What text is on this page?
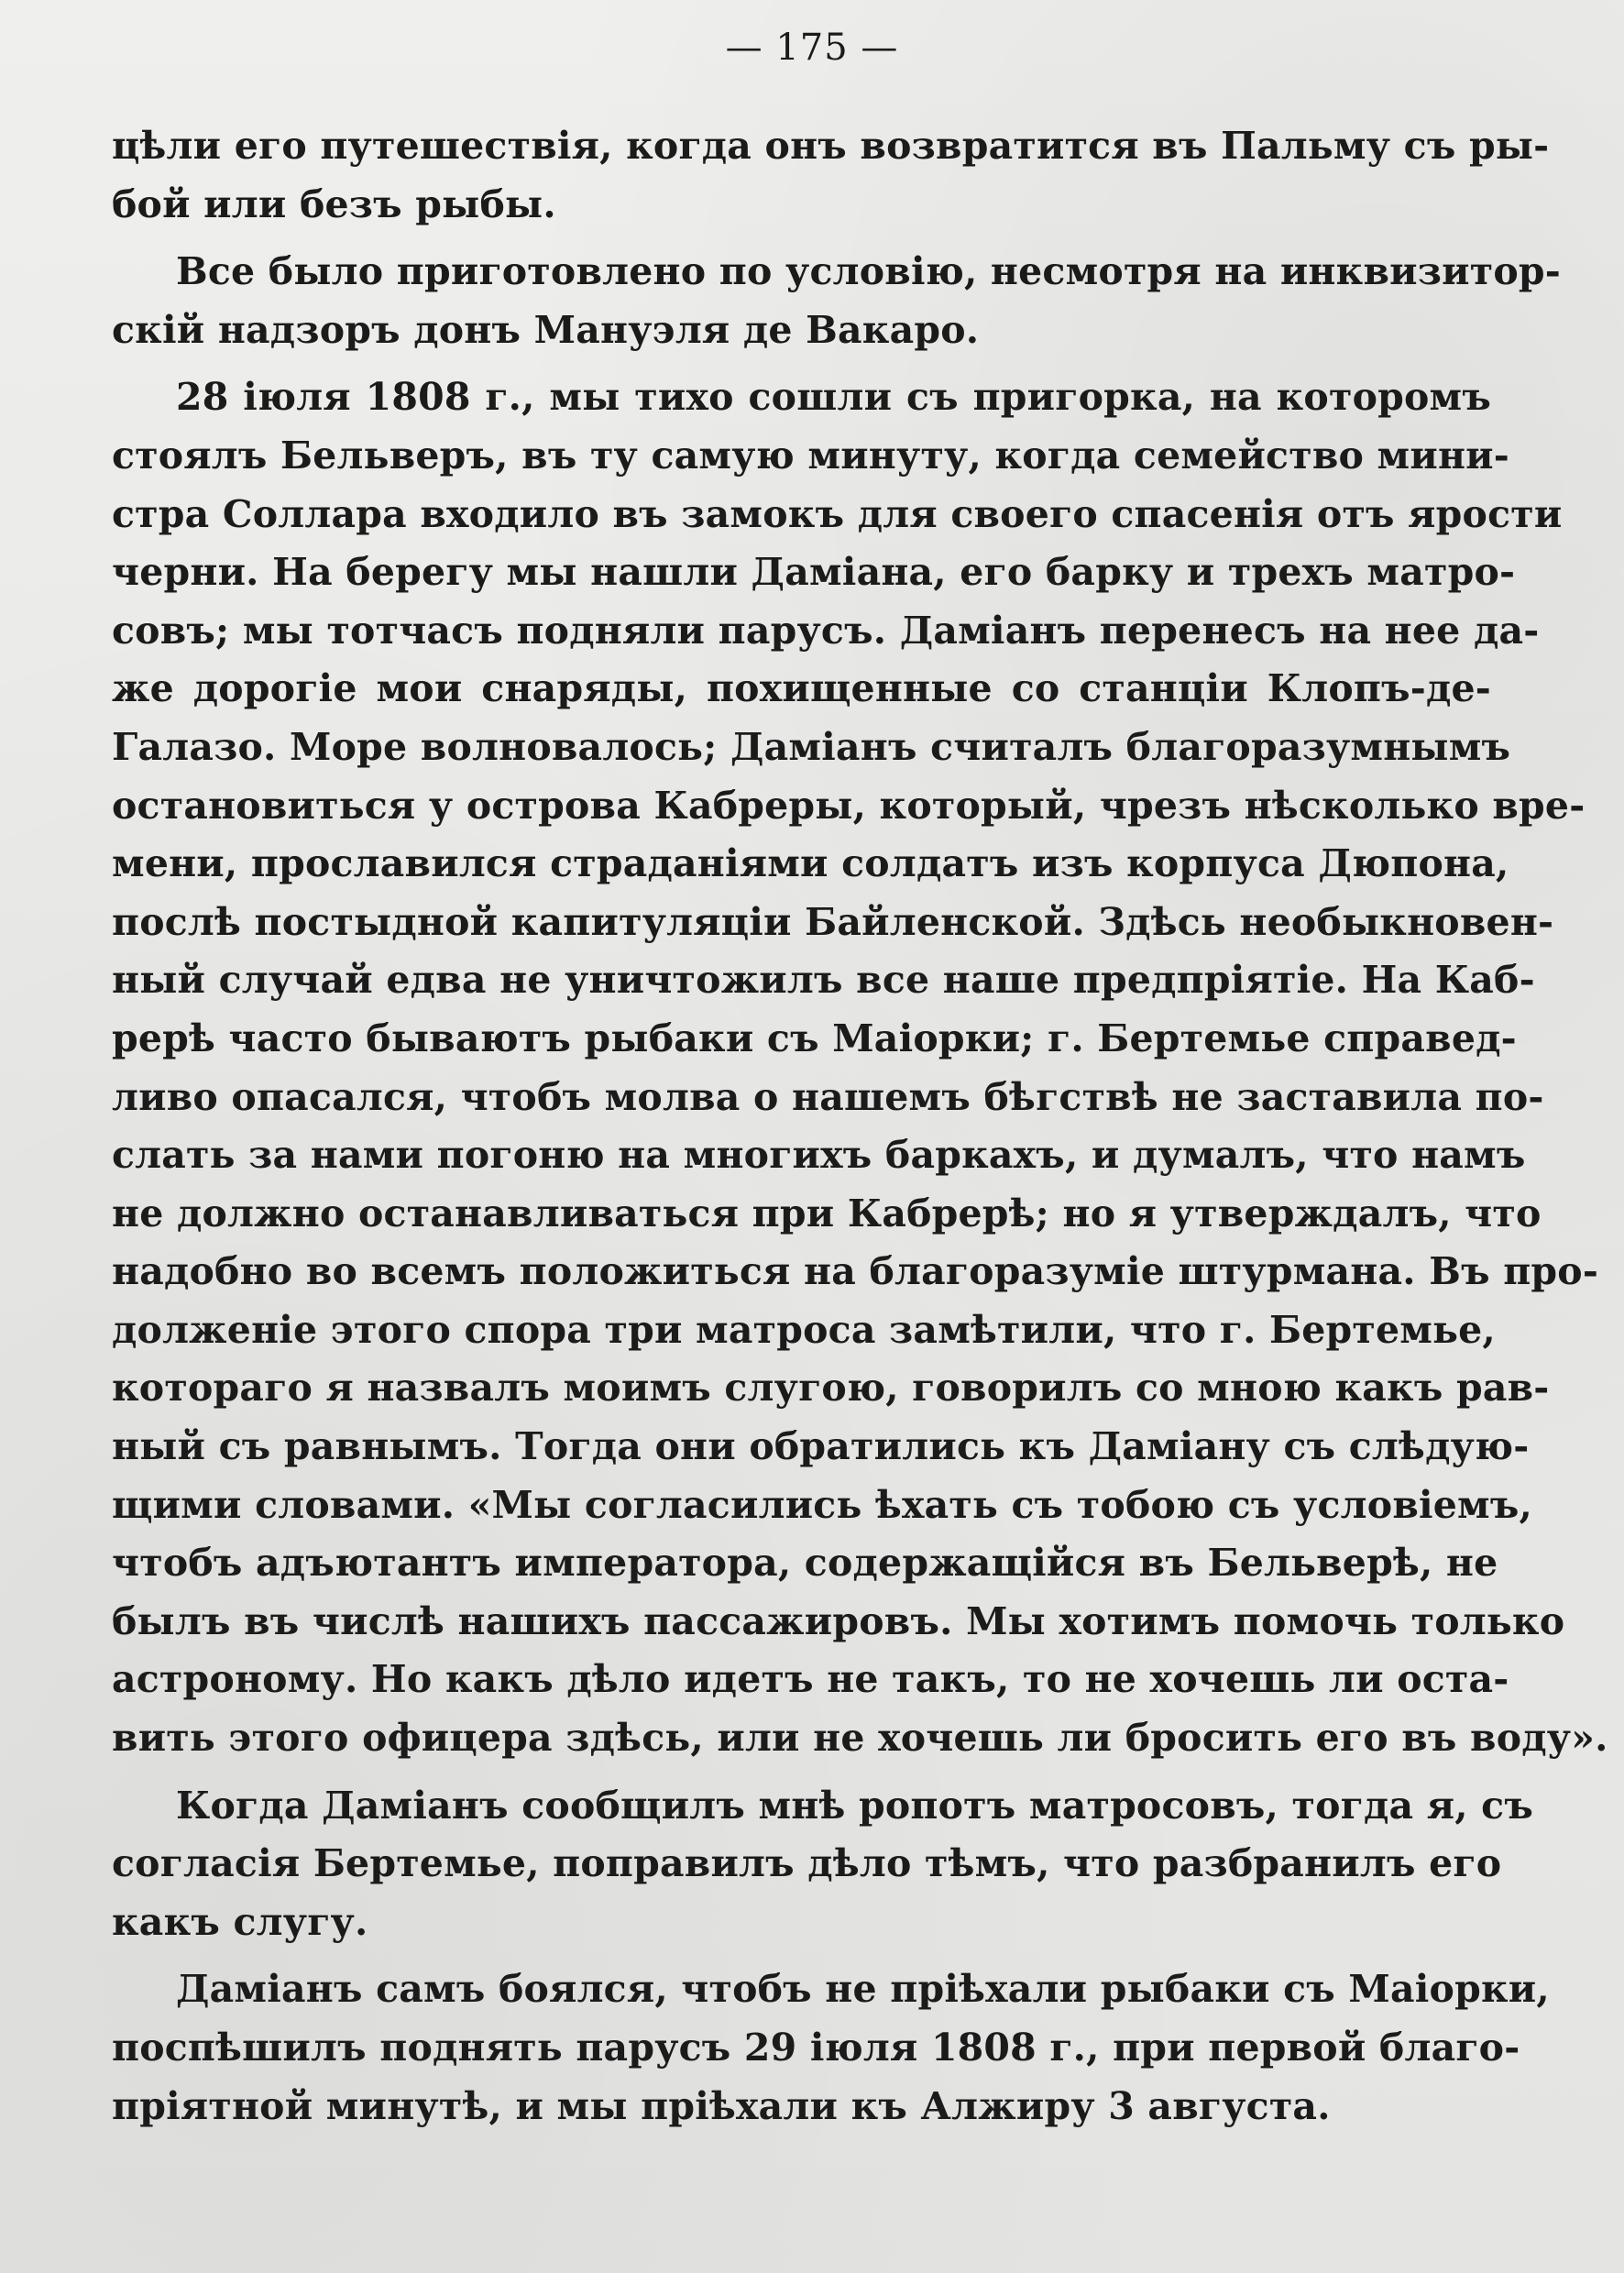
— 175 —
цѣли его путешествія, когда онъ возвратится въ Пальму съ ры-
бой или безъ рыбы.
Все было приготовлено по условію, несмотря на инквизитор-
скій надзоръ донъ Мануэля де Вакаро.
28 іюля 1808 г., мы тихо сошли съ пригорка, на которомъ
стоялъ Бельверъ, въ ту самую минуту, когда семейство мини-
стра Соллара входило въ замокъ для своего спасенія отъ ярости
черни. На берегу мы нашли Даміана, его барку и трехъ матро-
совъ; мы тотчасъ подняли парусъ. Даміанъ перенесъ на нее да-
же дорогіе мои снаряды, похищенные со станціи Клопъ-де-
Галазо. Море волновалось; Даміанъ считалъ благоразумнымъ
остановиться у острова Кабреры, который, чрезъ нѣсколько вре-
мени, прославился страданіями солдатъ изъ корпуса Дюпона,
послѣ постыдной капитуляціи Байленской. Здѣсь необыкновен-
ный случай едва не уничтожилъ все наше предпріятіе. На Каб-
рерѣ часто бываютъ рыбаки съ Маіорки; г. Бертемье справед-
ливо опасался, чтобъ молва о нашемъ бѣгствѣ не заставила по-
слать за нами погоню на многихъ баркахъ, и думалъ, что намъ
не должно останавливаться при Кабрерѣ; но я утверждалъ, что
надобно во всемъ положиться на благоразуміе штурмана. Въ про-
долженіе этого спора три матроса замѣтили, что г. Бертемье,
котораго я назвалъ моимъ слугою, говорилъ со мною какъ рав-
ный съ равнымъ. Тогда они обратились къ Даміану съ слѣдую-
щими словами. «Мы согласились ѣхать съ тобою съ условіемъ,
чтобъ адъютантъ императора, содержащійся въ Бельверѣ, не
былъ въ числѣ нашихъ пассажировъ. Мы хотимъ помочь только
астроному. Но какъ дѣло идетъ не такъ, то не хочешь ли оста-
вить этого офицера здѣсь, или не хочешь ли бросить его въ воду».
Когда Даміанъ сообщилъ мнѣ ропотъ матросовъ, тогда я, съ
согласія Бертемье, поправилъ дѣло тѣмъ, что разбранилъ его
какъ слугу.
Даміанъ самъ боялся, чтобъ не пріѣхали рыбаки съ Маіорки,
поспѣшилъ поднять парусъ 29 іюля 1808 г., при первой благо-
пріятной минутѣ, и мы пріѣхали къ Алжиру 3 августа.
